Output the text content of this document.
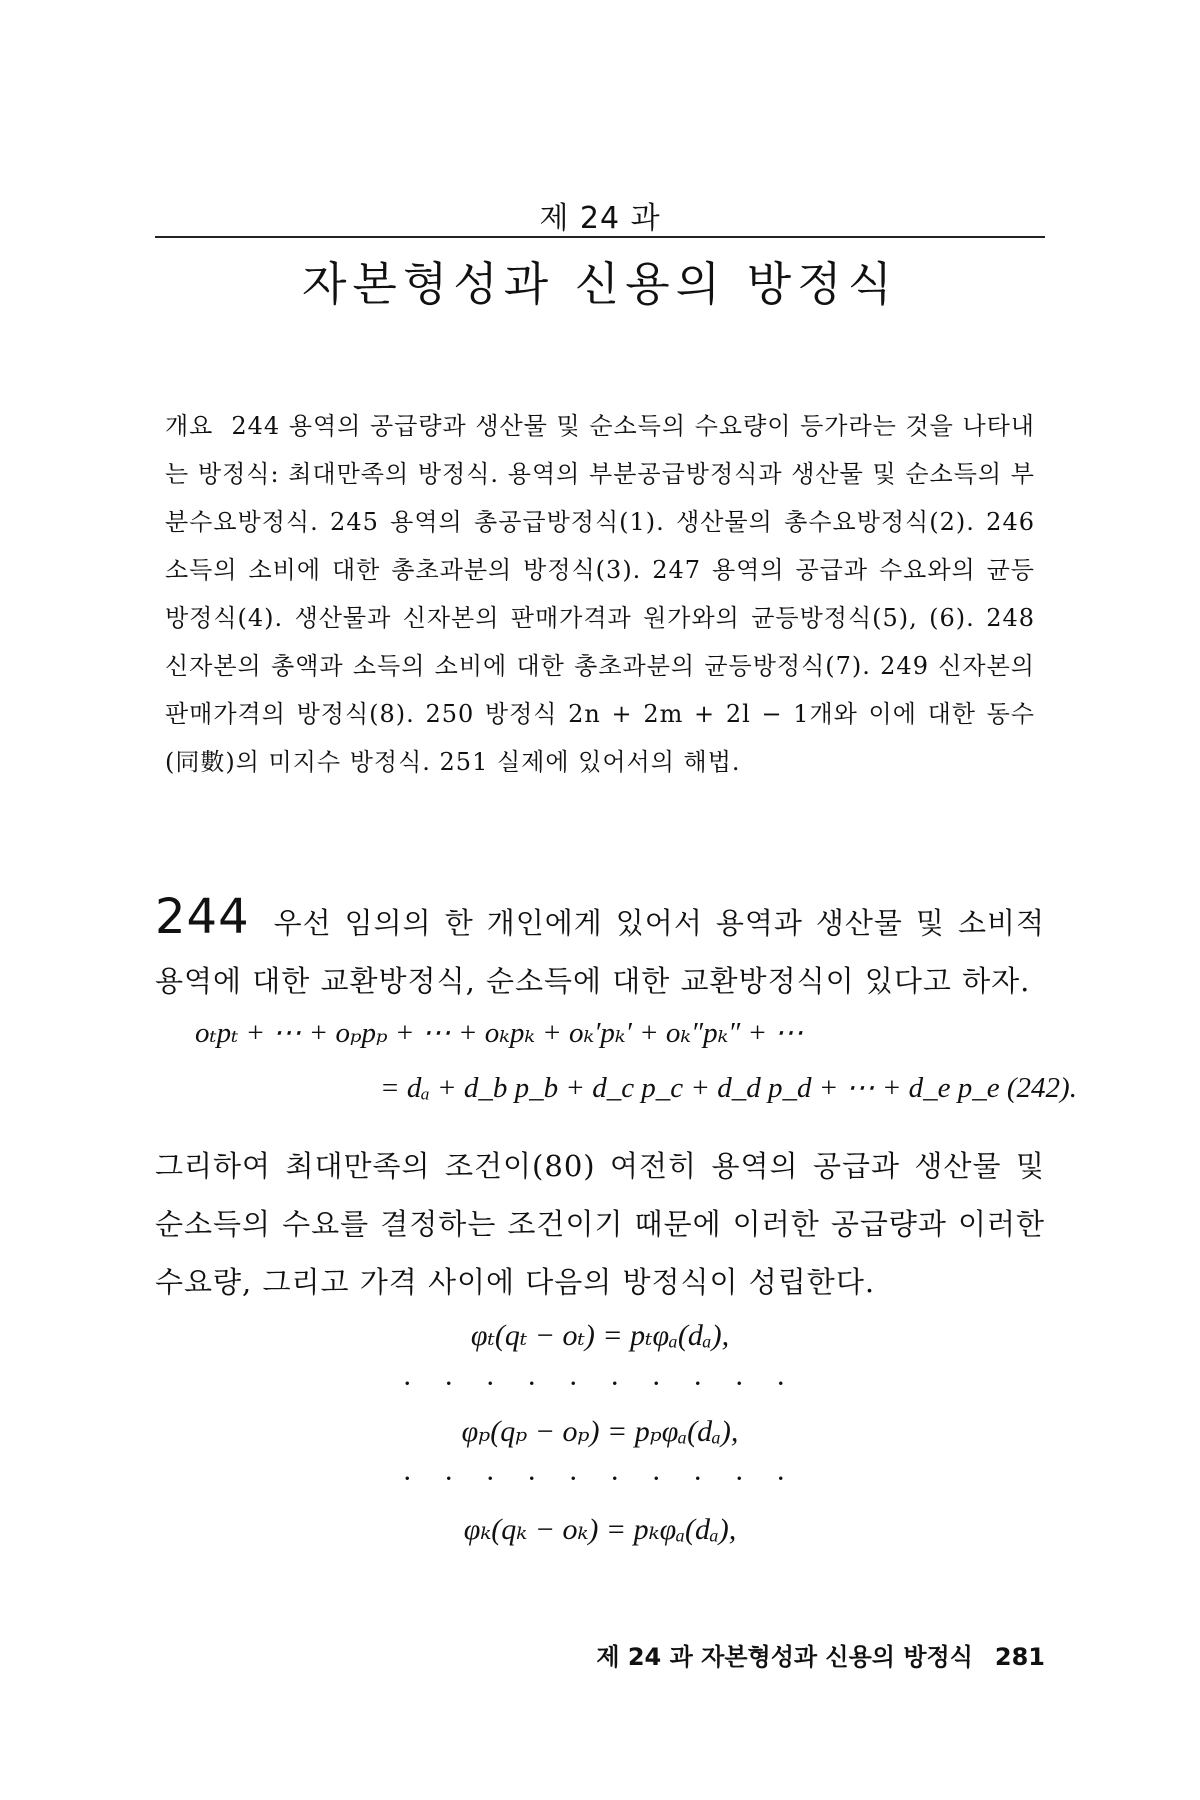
제 24 과
자본형성과 신용의 방정식
개요 244 용역의 공급량과 생산물 및 순소득의 수요량이 등가라는 것을 나타내는 방정식: 최대만족의 방정식. 용역의 부분공급방정식과 생산물 및 순소득의 부분수요방정식. 245 용역의 총공급방정식(1). 생산물의 총수요방정식(2). 246 소득의 소비에 대한 총초과분의 방정식(3). 247 용역의 공급과 수요와의 균등방정식(4). 생산물과 신자본의 판매가격과 원가와의 균등방정식(5), (6). 248 신자본의 총액과 소득의 소비에 대한 총초과분의 균등방정식(7). 249 신자본의 판매가격의 방정식(8). 250 방정식 2n + 2m + 2l − 1개와 이에 대한 동수(同數)의 미지수 방정식. 251 실제에 있어서의 해법.
244 우선 임의의 한 개인에게 있어서 용역과 생산물 및 소비적 용역에 대한 교환방정식, 순소득에 대한 교환방정식이 있다고 하자.
oₜpₜ + ⋯ + oₚpₚ + ⋯ + oₖpₖ + oₖ′pₖ′ + oₖ″pₖ″ + ⋯
= dₐ + d_b p_b + d_c p_c + d_d p_d + ⋯ + d_e p_e (242).
그리하여 최대만족의 조건이(80) 여전히 용역의 공급과 생산물 및 순소득의 수요를 결정하는 조건이기 때문에 이러한 공급량과 이러한 수요량, 그리고 가격 사이에 다음의 방정식이 성립한다.
φₜ(qₜ − oₜ) = pₜφₐ(dₐ),
· · · · · · · · · ·
φₚ(qₚ − oₚ) = pₚφₐ(dₐ),
· · · · · · · · · ·
φₖ(qₖ − oₖ) = pₖφₐ(dₐ),
제 24 과 자본형성과 신용의 방정식 281
